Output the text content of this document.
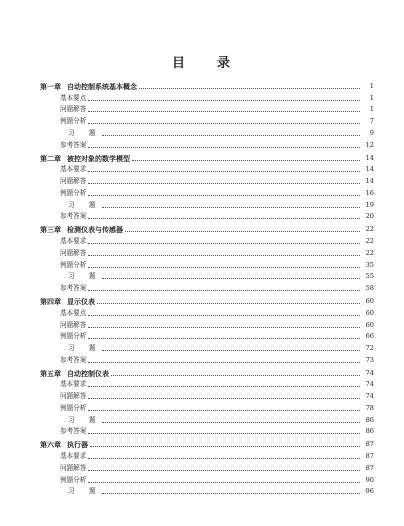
目 录
第一章 自动控制系统基本概念	1
基本要点	1
问题解答	1
例题分析	7
习　题	9
参考答案	12
第二章 被控对象的数学模型	14
基本要求	14
问题解答	14
例题分析	16
习　题	19
参考答案	20
第三章 检测仪表与传感器	22
基本要求	22
问题解答	22
例题分析	35
习　题	55
参考答案	58
第四章 显示仪表	60
基本要点	60
问题解答	60
例题分析	66
习　题	72
参考答案	73
第五章 自动控制仪表	74
基本要求	74
问题解答	74
例题分析	78
习　题	86
参考答案	86
第六章 执行器	87
基本要求	87
问题解答	87
例题分析	90
习　题	96
